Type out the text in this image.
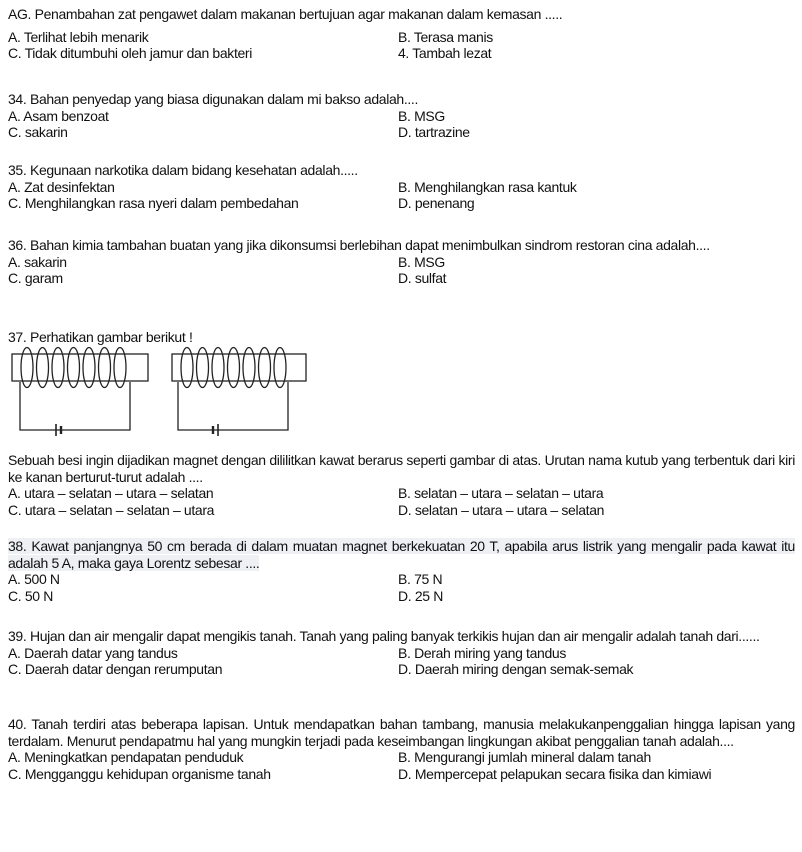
AG. Penambahan zat pengawet dalam makanan bertujuan agar makanan dalam kemasan .....
A. Terlihat lebih menarik	B. Terasa manis
C. Tidak ditumbuhi oleh jamur dan bakteri	4. Tambah lezat
34. Bahan penyedap yang biasa digunakan dalam mi bakso adalah....
A. Asam benzoat	B. MSG
C. sakarin	D. tartrazine
35. Kegunaan narkotika dalam bidang kesehatan adalah.....
A. Zat desinfektan	B. Menghilangkan rasa kantuk
C. Menghilangkan rasa nyeri dalam pembedahan	D. penenang
36. Bahan kimia tambahan buatan yang jika dikonsumsi berlebihan dapat menimbulkan sindrom restoran cina adalah....
A. sakarin	B. MSG
C. garam	D. sulfat
37. Perhatikan gambar berikut !
Sebuah besi ingin dijadikan magnet dengan dililitkan kawat berarus seperti gambar di atas. Urutan nama kutub yang terbentuk dari kiri ke kanan berturut-turut adalah ....
A. utara – selatan – utara – selatan	B. selatan – utara – selatan – utara
C. utara – selatan – selatan – utara	D. selatan – utara – utara – selatan
38. Kawat panjangnya 50 cm berada di dalam muatan magnet berkekuatan 20 T, apabila arus listrik yang mengalir pada kawat itu adalah 5 A, maka gaya Lorentz sebesar ....
A. 500 N	B. 75 N
C. 50 N	D. 25 N
39. Hujan dan air mengalir dapat mengikis tanah. Tanah yang paling banyak terkikis hujan dan air mengalir adalah tanah dari......
A. Daerah datar yang tandus	B. Derah miring yang tandus
C. Daerah datar dengan rerumputan	D. Daerah miring dengan semak-semak
40. Tanah terdiri atas beberapa lapisan. Untuk mendapatkan bahan tambang, manusia melakukanpenggalian hingga lapisan yang terdalam. Menurut pendapatmu hal yang mungkin terjadi pada keseimbangan lingkungan akibat penggalian tanah adalah....
A. Meningkatkan pendapatan penduduk	B. Mengurangi jumlah mineral dalam tanah
C. Mengganggu kehidupan organisme tanah	D. Mempercepat pelapukan secara fisika dan kimiawi
